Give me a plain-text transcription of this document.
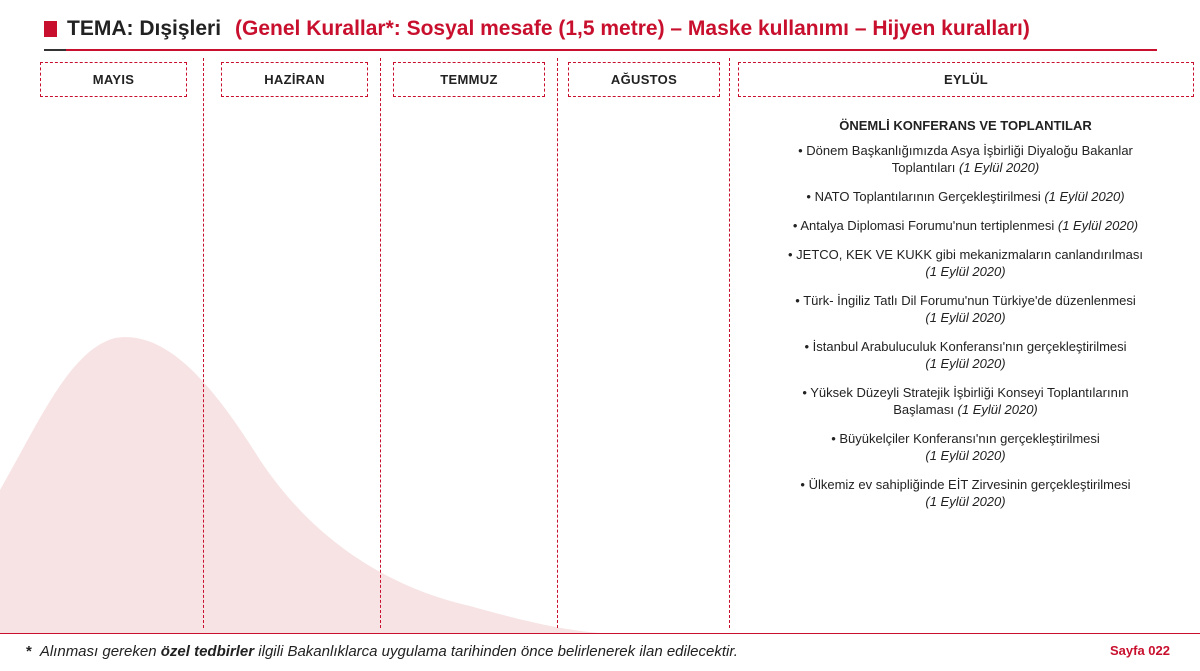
TEMA: Dışişleri (Genel Kurallar*: Sosyal mesafe (1,5 metre) – Maske kullanımı – Hijyen kuralları)
MAYIS	HAZİRAN	TEMMUZ	AĞUSTOS	EYLÜL
ÖNEMLİ KONFERANS VE TOPLANTILAR
• Dönem Başkanlığımızda Asya İşbirliği Diyaloğu Bakanlar
Toplantıları (1 Eylül 2020)
• NATO Toplantılarının Gerçekleştirilmesi (1 Eylül 2020)
• Antalya Diplomasi Forumu'nun tertiplenmesi (1 Eylül 2020)
• JETCO, KEK VE KUKK gibi mekanizmaların canlandırılması
(1 Eylül 2020)
• Türk- İngiliz Tatlı Dil Forumu'nun Türkiye'de düzenlenmesi
(1 Eylül 2020)
• İstanbul Arabuluculuk Konferansı'nın gerçekleştirilmesi
(1 Eylül 2020)
• Yüksek Düzeyli Stratejik İşbirliği Konseyi Toplantılarının
Başlaması (1 Eylül 2020)
• Büyükelçiler Konferansı'nın gerçekleştirilmesi
(1 Eylül 2020)
• Ülkemiz ev sahipliğinde EİT Zirvesinin gerçekleştirilmesi
(1 Eylül 2020)
* Alınması gereken özel tedbirler ilgili Bakanlıklarca uygulama tarihinden önce belirlenerek ilan edilecektir.	Sayfa 022
